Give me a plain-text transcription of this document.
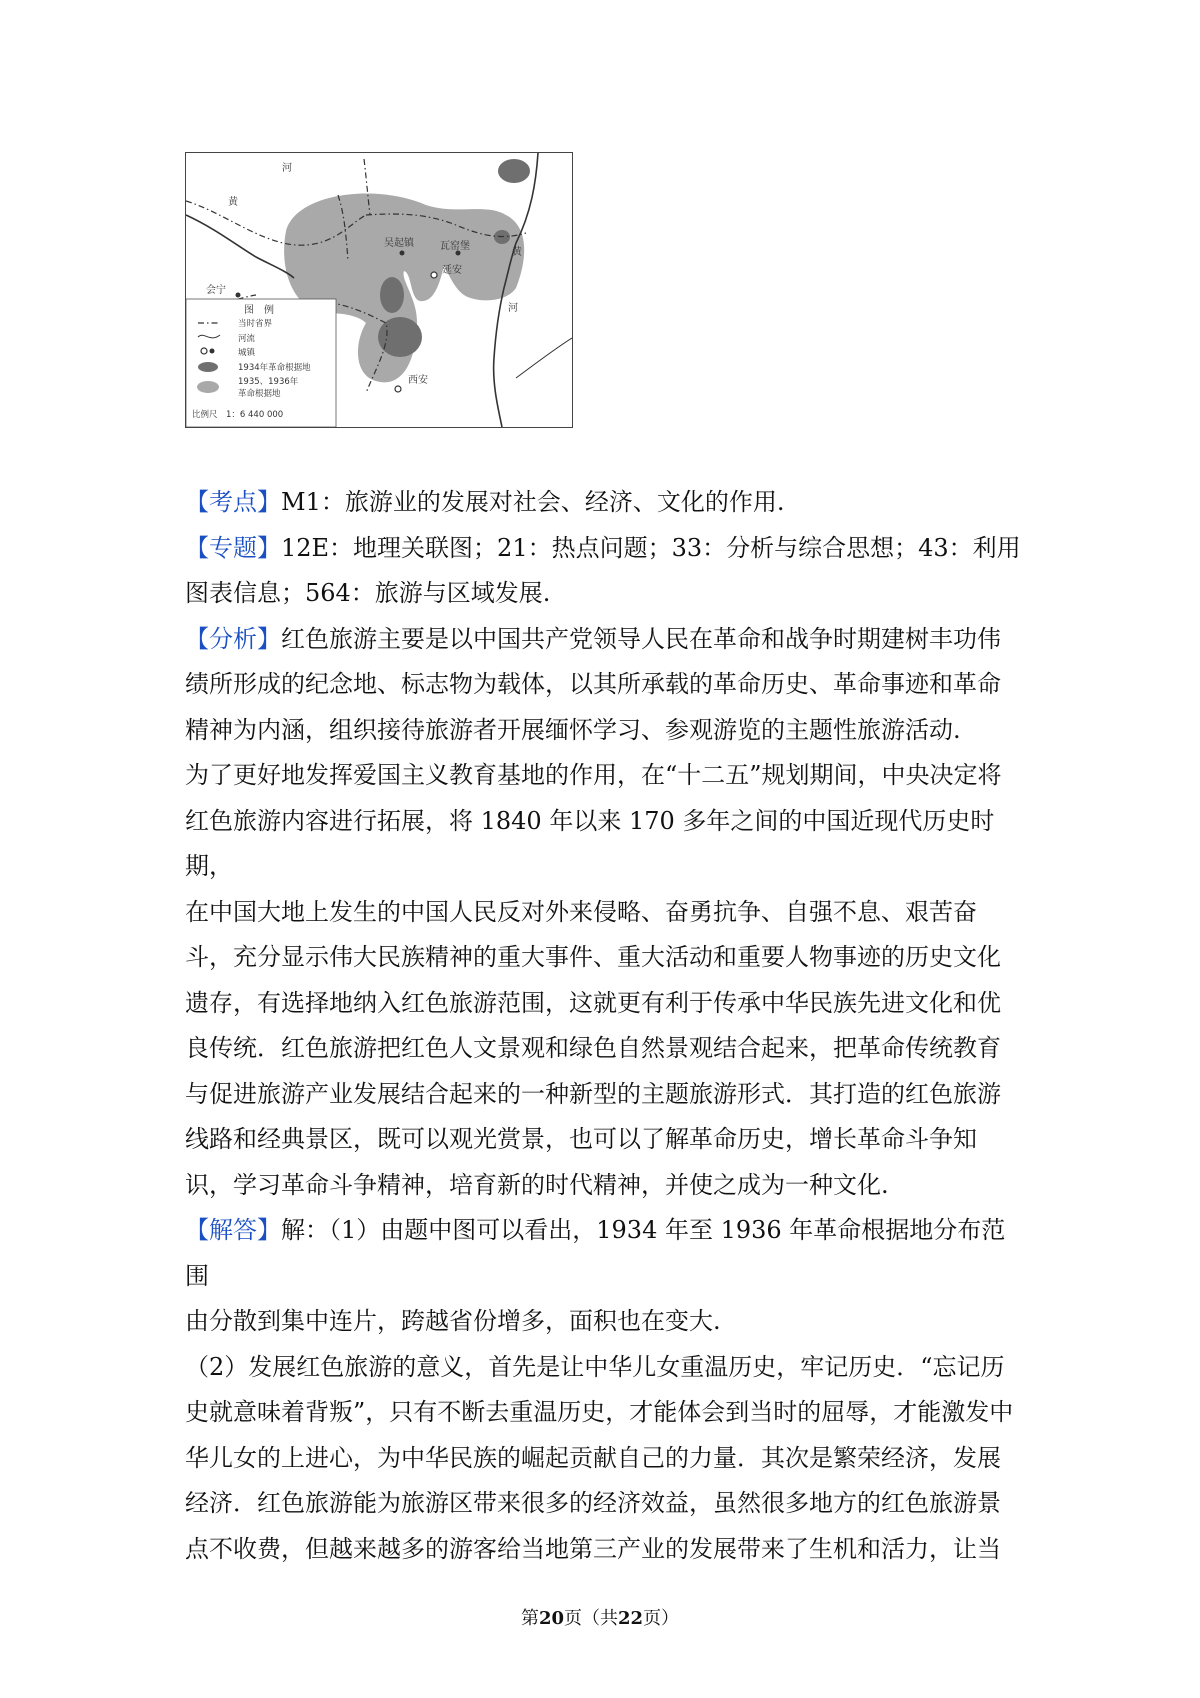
河
黄
黄
河
吴起镇	瓦窑堡
延安
会宁
西安
图　例
当时省界
河流
城镇
1934年革命根据地
1935、1936年
革命根据地
比例尺　1：6 440 000

【考点】M1：旅游业的发展对社会、经济、文化的作用.

【专题】12E：地理关联图；21：热点问题；33：分析与综合思想；43：利用

图表信息；564：旅游与区域发展.

【分析】红色旅游主要是以中国共产党领导人民在革命和战争时期建树丰功伟

绩所形成的纪念地、标志物为载体，以其所承载的革命历史、革命事迹和革命

精神为内涵，组织接待旅游者开展缅怀学习、参观游览的主题性旅游活动.

为了更好地发挥爱国主义教育基地的作用，在“十二五”规划期间，中央决定将

红色旅游内容进行拓展，将 1840 年以来 170 多年之间的中国近现代历史时期，

在中国大地上发生的中国人民反对外来侵略、奋勇抗争、自强不息、艰苦奋

斗，充分显示伟大民族精神的重大事件、重大活动和重要人物事迹的历史文化

遗存，有选择地纳入红色旅游范围，这就更有利于传承中华民族先进文化和优

良传统．红色旅游把红色人文景观和绿色自然景观结合起来，把革命传统教育

与促进旅游产业发展结合起来的一种新型的主题旅游形式．其打造的红色旅游

线路和经典景区，既可以观光赏景，也可以了解革命历史，增长革命斗争知

识，学习革命斗争精神，培育新的时代精神，并使之成为一种文化.

【解答】解：（1）由题中图可以看出，1934 年至 1936 年革命根据地分布范围

由分散到集中连片，跨越省份增多，面积也在变大.

（2）发展红色旅游的意义，首先是让中华儿女重温历史，牢记历史．“忘记历

史就意味着背叛”，只有不断去重温历史，才能体会到当时的屈辱，才能激发中

华儿女的上进心，为中华民族的崛起贡献自己的力量．其次是繁荣经济，发展

经济．红色旅游能为旅游区带来很多的经济效益，虽然很多地方的红色旅游景

点不收费，但越来越多的游客给当地第三产业的发展带来了生机和活力，让当

第20页（共22页）
